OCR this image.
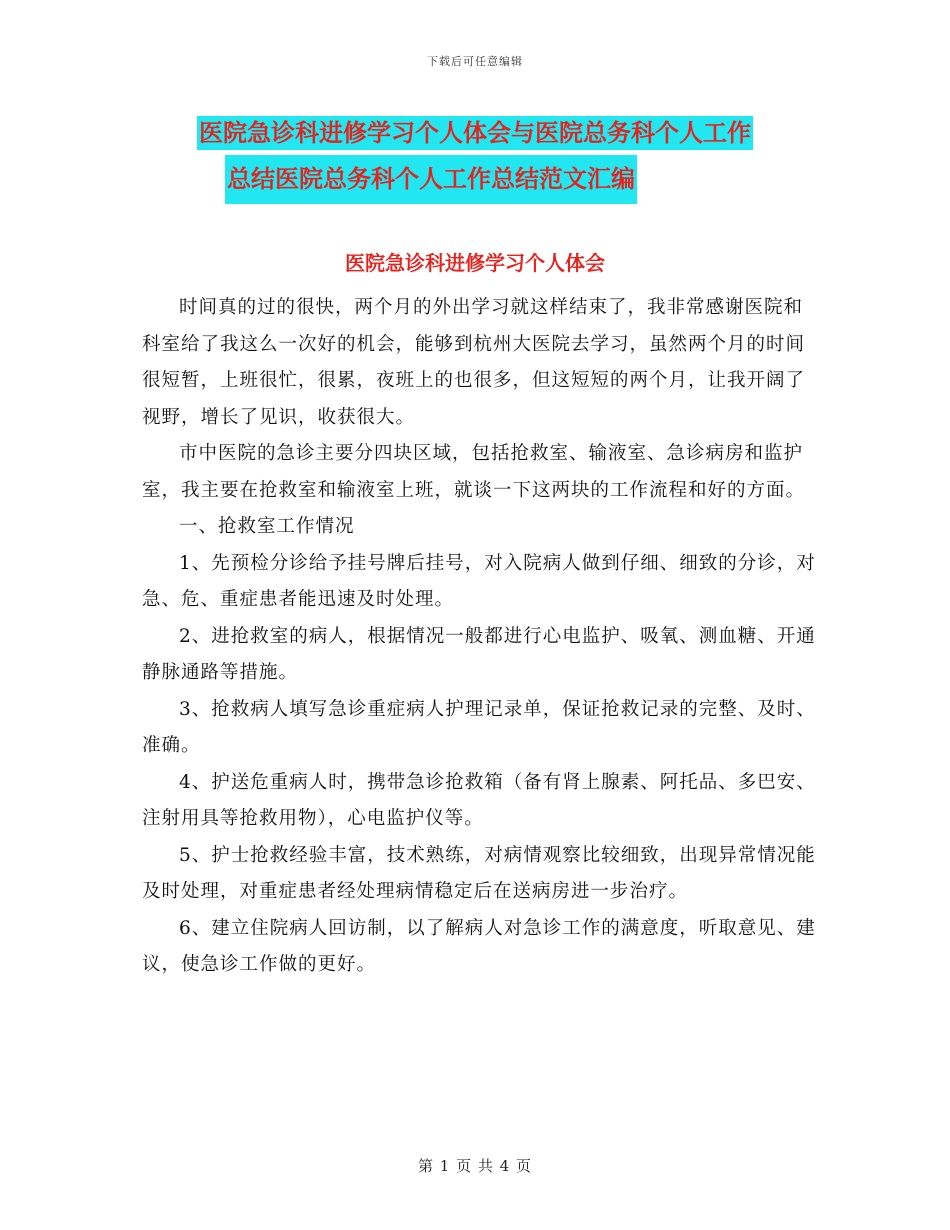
下载后可任意编辑
医院急诊科进修学习个人体会与医院总务科个人工作
总结医院总务科个人工作总结范文汇编
医院急诊科进修学习个人体会

时间真的过的很快，两个月的外出学习就这样结束了，我非常感谢医院和科室给了我这么一次好的机会，能够到杭州大医院去学习，虽然两个月的时间很短暂，上班很忙，很累，夜班上的也很多，但这短短的两个月，让我开阔了视野，增长了见识，收获很大。

市中医院的急诊主要分四块区域，包括抢救室、输液室、急诊病房和监护室，我主要在抢救室和输液室上班，就谈一下这两块的工作流程和好的方面。

一、抢救室工作情况

1、先预检分诊给予挂号牌后挂号，对入院病人做到仔细、细致的分诊，对急、危、重症患者能迅速及时处理。

2、进抢救室的病人，根据情况一般都进行心电监护、吸氧、测血糖、开通静脉通路等措施。

3、抢救病人填写急诊重症病人护理记录单，保证抢救记录的完整、及时、准确。

4、护送危重病人时，携带急诊抢救箱（备有肾上腺素、阿托品、多巴安、注射用具等抢救用物），心电监护仪等。

5、护士抢救经验丰富，技术熟练，对病情观察比较细致，出现异常情况能及时处理，对重症患者经处理病情稳定后在送病房进一步治疗。

6、建立住院病人回访制，以了解病人对急诊工作的满意度，听取意见、建议，使急诊工作做的更好。

第 1 页 共 4 页
